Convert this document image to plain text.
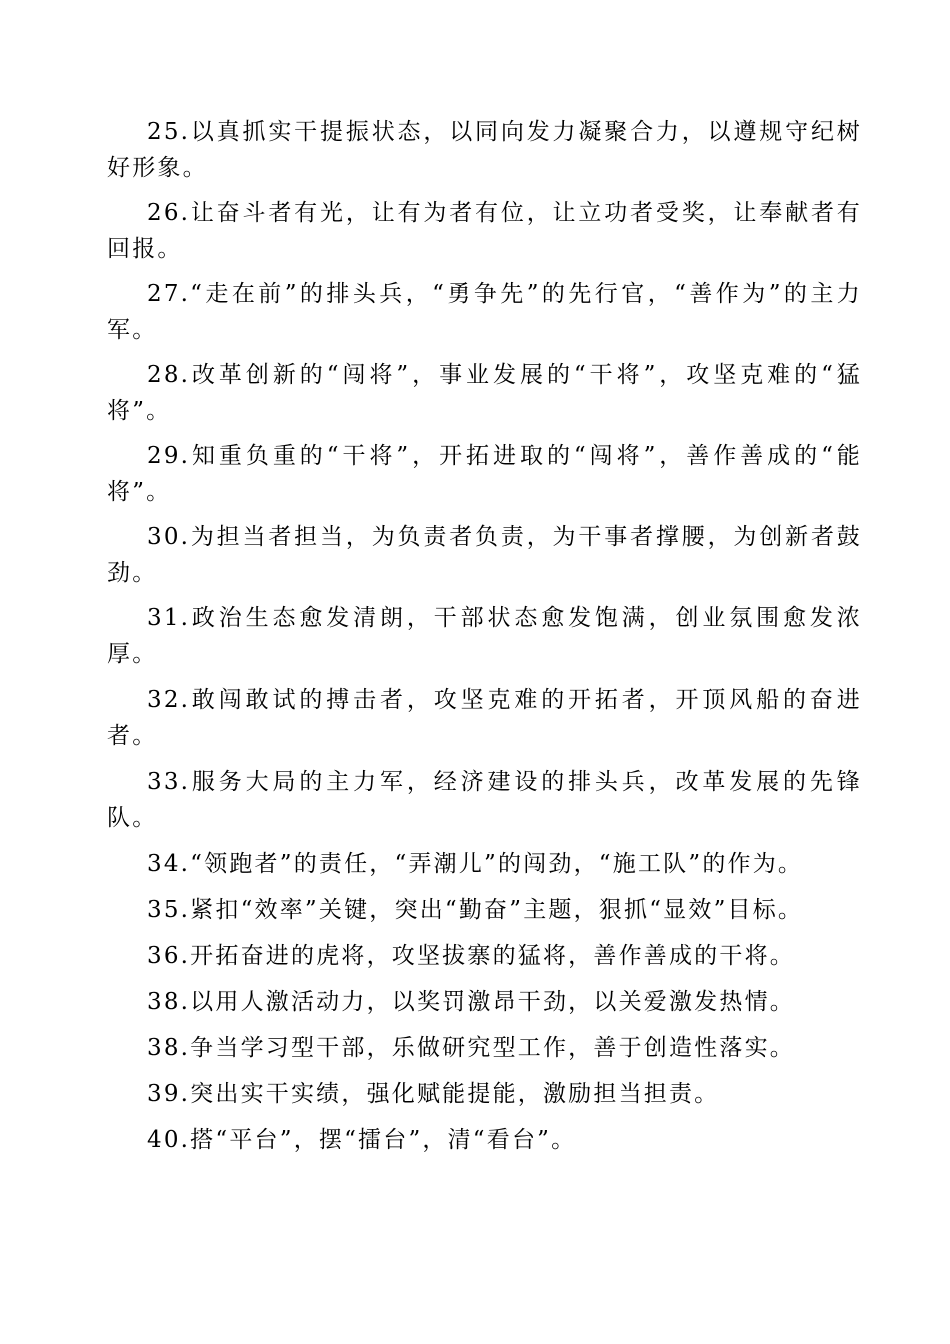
25.以真抓实干提振状态，以同向发力凝聚合力，以遵规守纪树好形象。

26.让奋斗者有光，让有为者有位，让立功者受奖，让奉献者有回报。

27.“走在前”的排头兵，“勇争先”的先行官，“善作为”的主力军。

28.改革创新的“闯将”，事业发展的“干将”，攻坚克难的“猛将”。

29.知重负重的“干将”，开拓进取的“闯将”，善作善成的“能将”。

30.为担当者担当，为负责者负责，为干事者撑腰，为创新者鼓劲。

31.政治生态愈发清朗，干部状态愈发饱满，创业氛围愈发浓厚。

32.敢闯敢试的搏击者，攻坚克难的开拓者，开顶风船的奋进者。

33.服务大局的主力军，经济建设的排头兵，改革发展的先锋队。

34.“领跑者”的责任，“弄潮儿”的闯劲，“施工队”的作为。

35.紧扣“效率”关键，突出“勤奋”主题，狠抓“显效”目标。

36.开拓奋进的虎将，攻坚拔寨的猛将，善作善成的干将。

38.以用人激活动力，以奖罚激昂干劲，以关爱激发热情。

38.争当学习型干部，乐做研究型工作，善于创造性落实。

39.突出实干实绩，强化赋能提能，激励担当担责。

40.搭“平台”，摆“擂台”，清“看台”。
